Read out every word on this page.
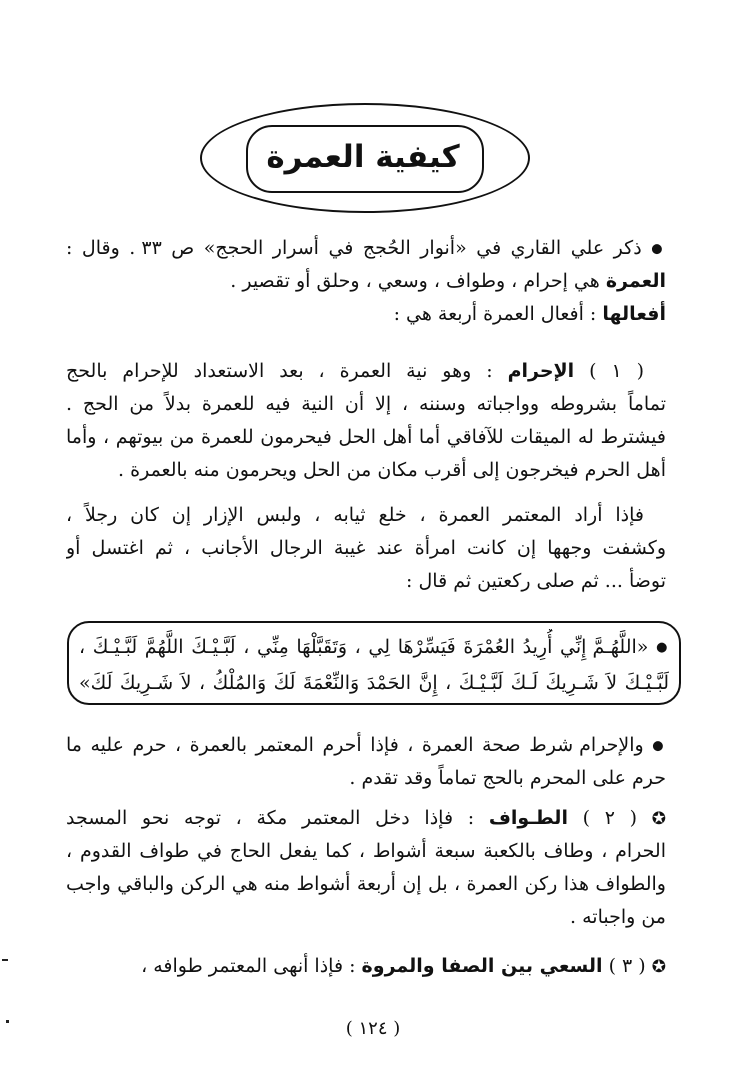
كيفية العمرة
● ذكر علي القاري في «أنوار الحُجج في أسرار الحجج» ص ٣٣ . وقال :
العمرة هي إحرام ، وطواف ، وسعي ، وحلق أو تقصير .
أفعالها : أفعال العمرة أربعة هي :
( ١ ) الإحرام : وهو نية العمرة ، بعد الاستعداد للإحرام بالحج
تماماً بشروطه وواجباته وسننه ، إلا أن النية فيه للعمرة بدلاً من الحج .
فيشترط له الميقات للآفاقي أما أهل الحل فيحرمون للعمرة من بيوتهم ، وأما
أهل الحرم فيخرجون إلى أقرب مكان من الحل ويحرمون منه بالعمرة .
فإذا أراد المعتمر العمرة ، خلع ثيابه ، ولبس الإزار إن كان رجلاً ،
وكشفت وجهها إن كانت امرأة عند غيبة الرجال الأجانب ، ثم اغتسل أو
توضأ ... ثم صلى ركعتين ثم قال :
● «اللَّهُـمَّ إِنِّي أُرِيدُ العُمْرَةَ فَيَسِّرْهَا لِي ، وَتَقَبَّلْهَا مِنِّي ، لَبَّـيْـكَ اللَّهُمَّ لَبَّـيْـكَ ،
لَبَّـيْـكَ لاَ شَـرِيكَ لَـكَ لَبَّـيْـكَ ، إِنَّ الحَمْدَ وَالنِّعْمَةَ لَكَ وَالمُلْكُ ، لاَ شَـرِيكَ لَكَ»
● والإحرام شرط صحة العمرة ، فإذا أحرم المعتمر بالعمرة ، حرم عليه ما
حرم على المحرم بالحج تماماً وقد تقدم .
✪ ( ٢ ) الطـواف : فإذا دخل المعتمر مكة ، توجه نحو المسجد
الحرام ، وطاف بالكعبة سبعة أشواط ، كما يفعل الحاج في طواف القدوم ،
والطواف هذا ركن العمرة ، بل إن أربعة أشواط منه هي الركن والباقي واجب
من واجباته .
✪ ( ٣ ) السعي بين الصفا والمروة : فإذا أنهى المعتمر طوافه ،
( ١٢٤ )
